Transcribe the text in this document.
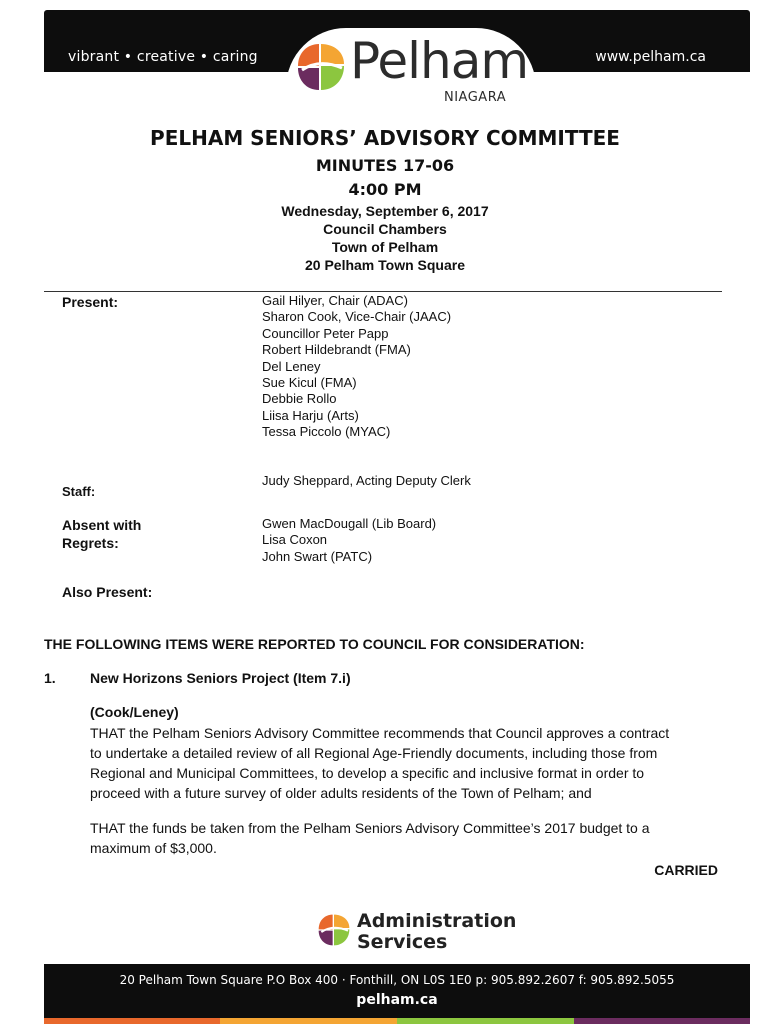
vibrant • creative • caring	www.pelham.ca
Pelham
NIAGARA
PELHAM SENIORS’ ADVISORY COMMITTEE
MINUTES 17-06
4:00 PM
Wednesday, September 6, 2017
Council Chambers
Town of Pelham
20 Pelham Town Square
Present:	Gail Hilyer, Chair (ADAC)
Sharon Cook, Vice-Chair (JAAC)
Councillor Peter Papp
Robert Hildebrandt (FMA)
Del Leney
Sue Kicul (FMA)
Debbie Rollo
Liisa Harju (Arts)
Tessa Piccolo (MYAC)
Staff:
Judy Sheppard, Acting Deputy Clerk
Absent with
Regrets:
Gwen MacDougall (Lib Board)
Lisa Coxon
John Swart (PATC)
Also Present:
THE FOLLOWING ITEMS WERE REPORTED TO COUNCIL FOR CONSIDERATION:
1. New Horizons Seniors Project (Item 7.i)
(Cook/Leney)
THAT the Pelham Seniors Advisory Committee recommends that Council approves a contract
to undertake a detailed review of all Regional Age-Friendly documents, including those from
Regional and Municipal Committees, to develop a specific and inclusive format in order to
proceed with a future survey of older adults residents of the Town of Pelham; and
THAT the funds be taken from the Pelham Seniors Advisory Committee’s 2017 budget to a
maximum of $3,000.
CARRIED
Administration
Services
20 Pelham Town Square P.O Box 400 · Fonthill, ON L0S 1E0 p: 905.892.2607 f: 905.892.5055
pelham.ca
